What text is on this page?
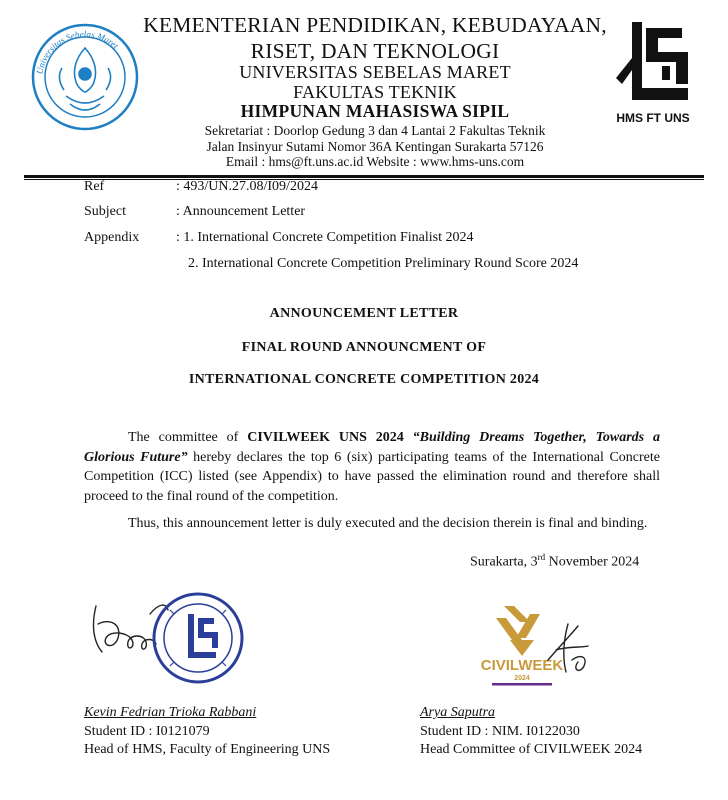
Universitas Sebelas Maret
KEMENTERIAN PENDIDIKAN, KEBUDAYAAN,
RISET, DAN TEKNOLOGI
UNIVERSITAS SEBELAS MARET
FAKULTAS TEKNIK
HIMPUNAN MAHASISWA SIPIL
Sekretariat : Doorlop Gedung 3 dan 4 Lantai 2 Fakultas Teknik
Jalan Insinyur Sutami Nomor 36A Kentingan Surakarta 57126
Email : hms@ft.uns.ac.id Website : www.hms-uns.com
HMS FT UNS
Ref	: 493/UN.27.08/I09/2024
Subject	: Announcement Letter
Appendix	: 1. International Concrete Competition Finalist 2024
2. International Concrete Competition Preliminary Round Score 2024
ANNOUNCEMENT LETTER
FINAL ROUND ANNOUNCMENT OF
INTERNATIONAL CONCRETE COMPETITION 2024
The committee of CIVILWEEK UNS 2024 “Building Dreams Together, Towards a Glorious Future” hereby declares the top 6 (six) participating teams of the International Concrete Competition (ICC) listed (see Appendix) to have passed the elimination round and therefore shall proceed to the final round of the competition.
Thus, this announcement letter is duly executed and the decision therein is final and binding.
Surakarta, 3rd November 2024
Kevin Fedrian Trioka Rabbani
Student ID : I0121079
Head of HMS, Faculty of Engineering UNS
CIVILWEEK
2024
Arya Saputra
Student ID : NIM. I0122030
Head Committee of CIVILWEEK 2024
